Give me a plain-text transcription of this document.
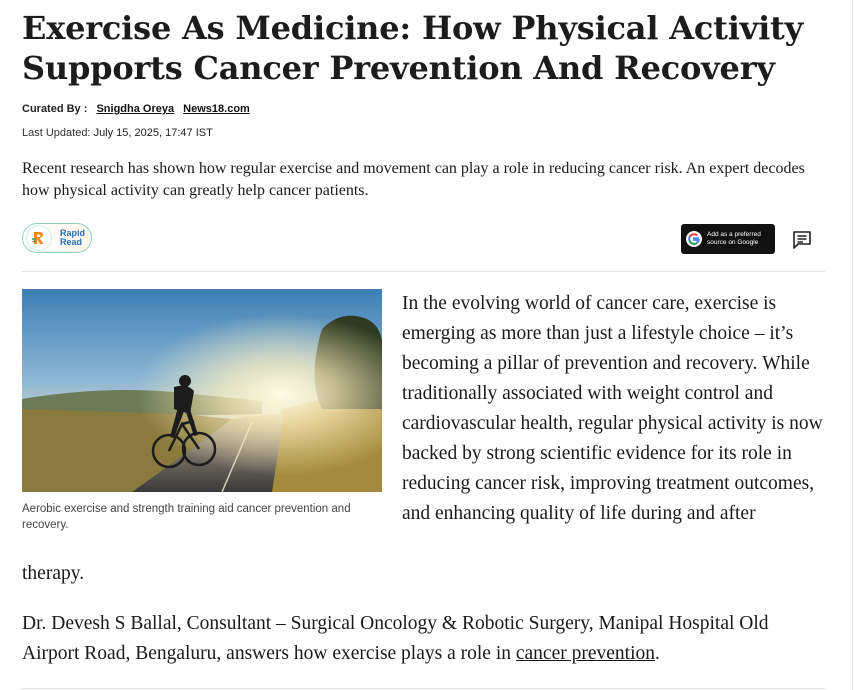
Exercise As Medicine: How Physical Activity Supports Cancer Prevention And Recovery
Curated By : Snigdha Oreya News18.com
Last Updated: July 15, 2025, 17:47 IST

Recent research has shown how regular exercise and movement can play a role in reducing cancer risk. An expert decodes how physical activity can greatly help cancer patients.

Rapid
Read
Add as a preferred
source on Google
Aerobic exercise and strength training aid cancer prevention and recovery.

In the evolving world of cancer care, exercise is emerging as more than just a lifestyle choice – it’s becoming a pillar of prevention and recovery. While traditionally associated with weight control and cardiovascular health, regular physical activity is now backed by strong scientific evidence for its role in reducing cancer risk, improving treatment outcomes, and enhancing quality of life during and after

therapy.

Dr. Devesh S Ballal, Consultant – Surgical Oncology & Robotic Surgery, Manipal Hospital Old Airport Road, Bengaluru, answers how exercise plays a role in cancer prevention.
